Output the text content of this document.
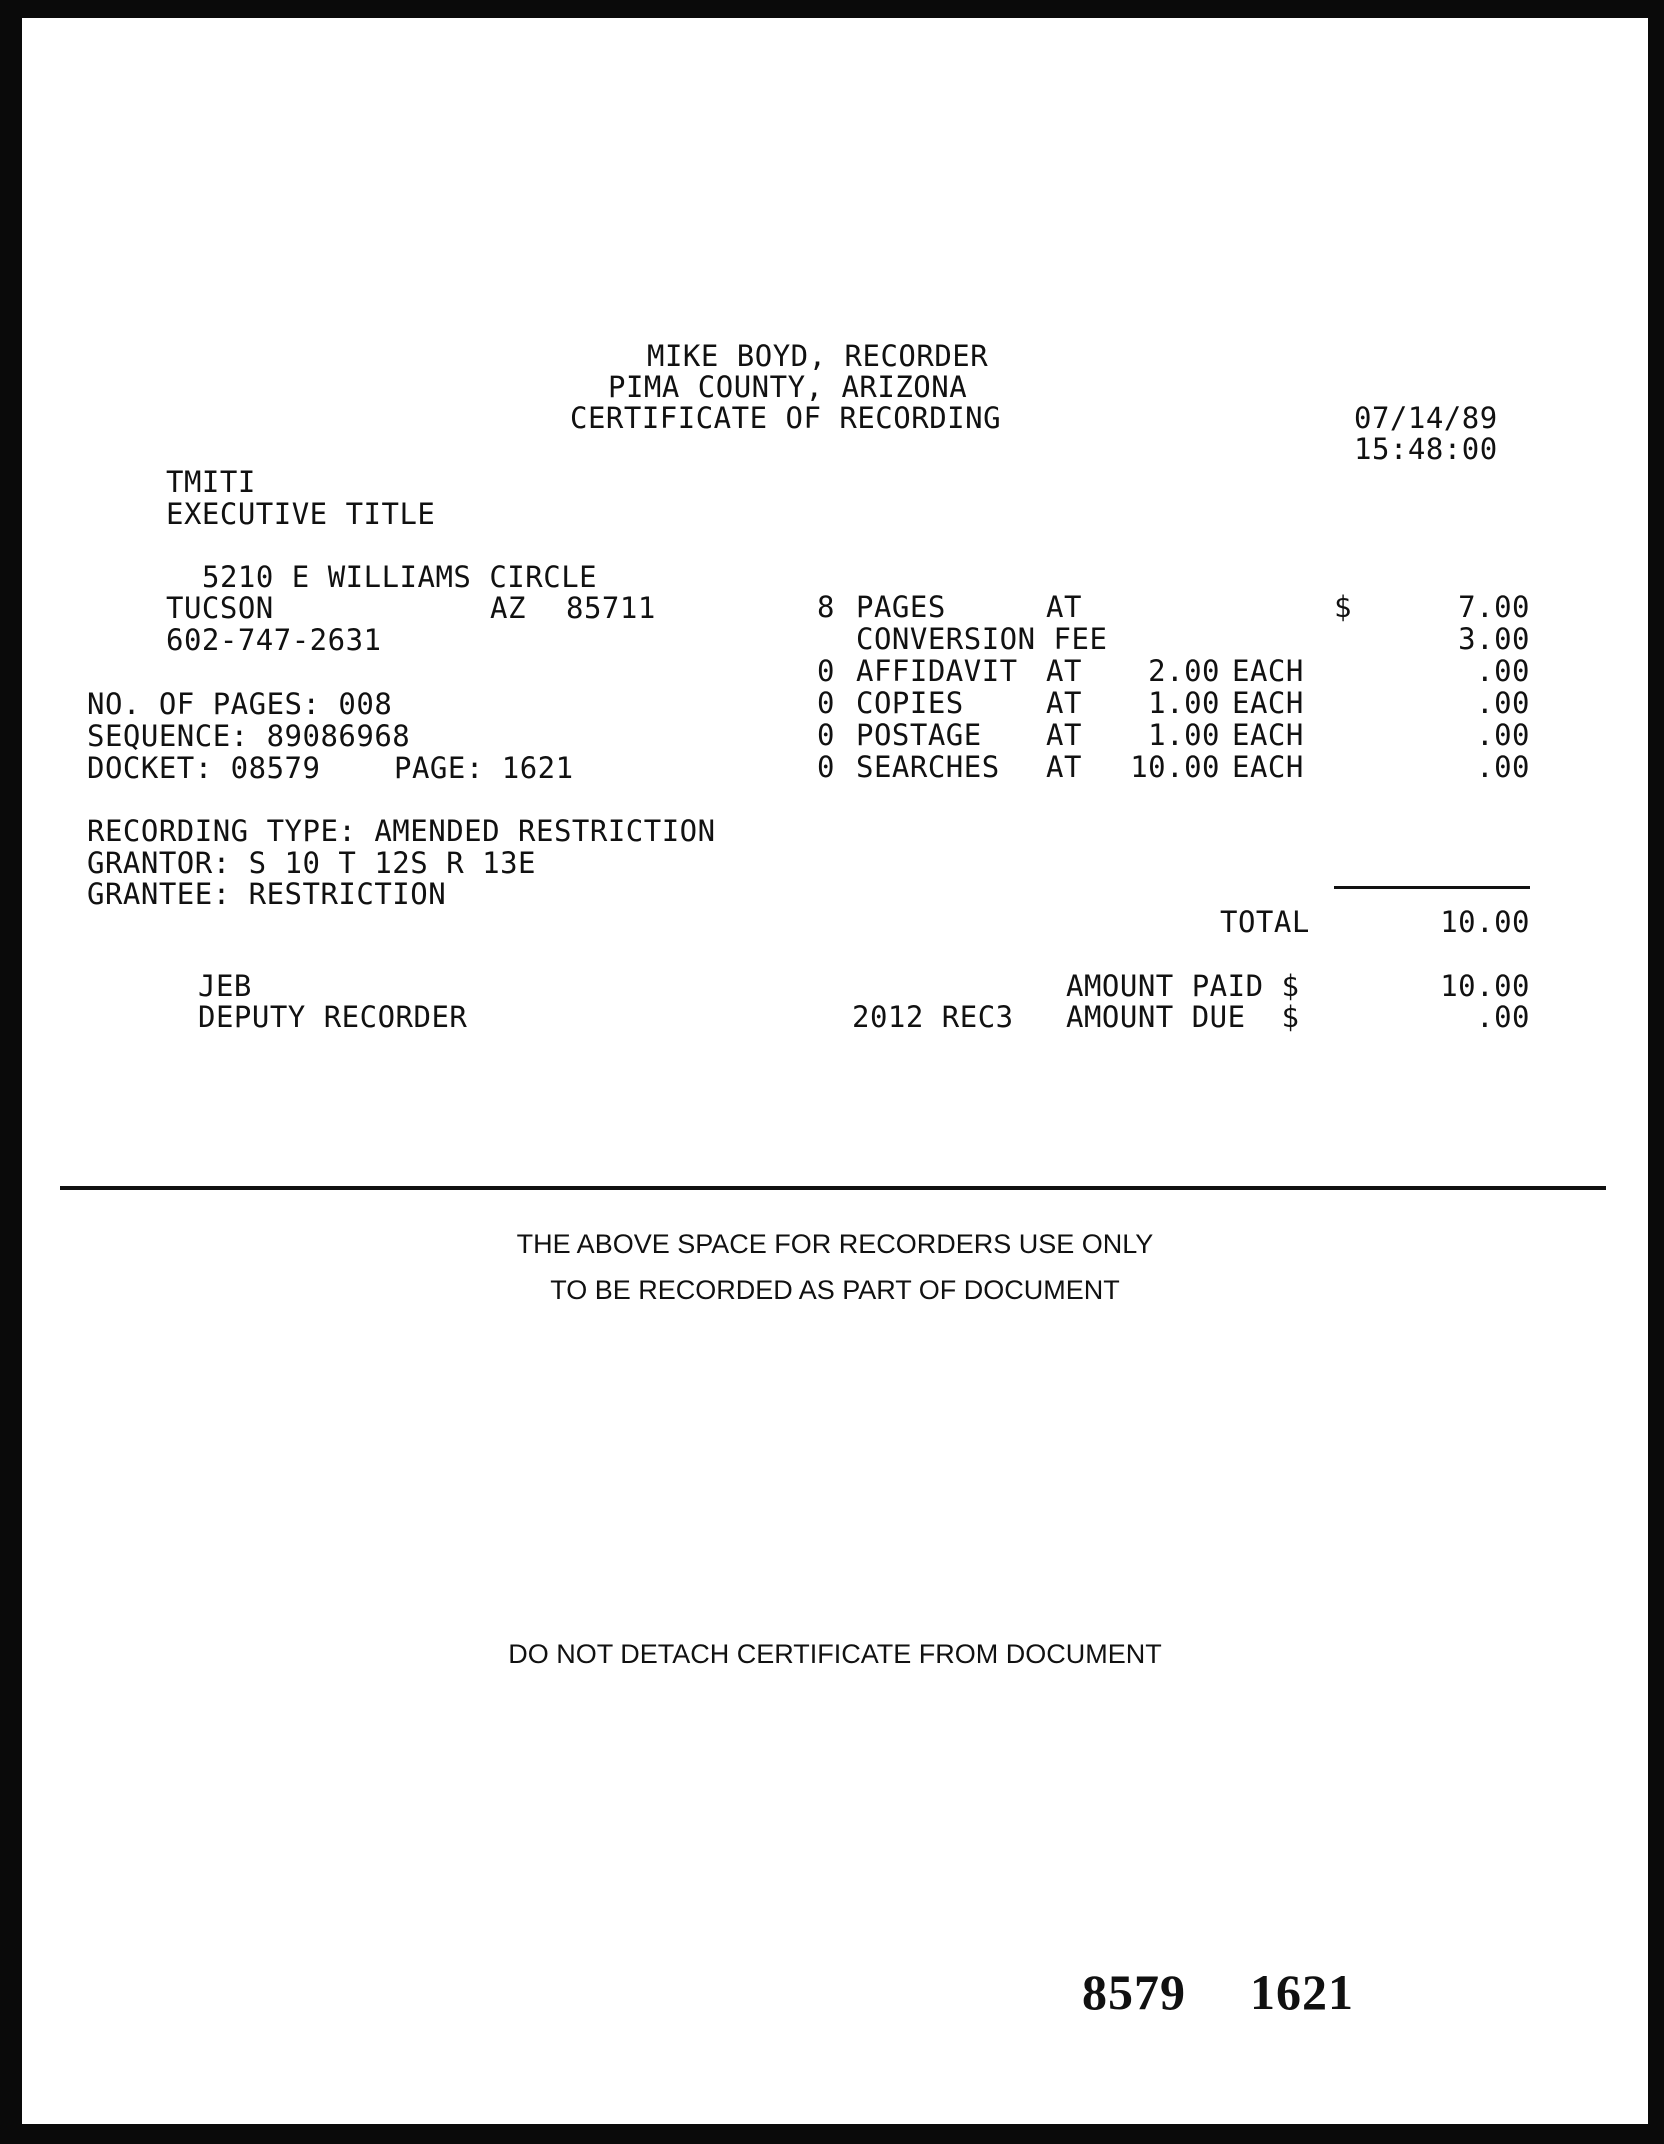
MIKE BOYD, RECORDER
PIMA COUNTY, ARIZONA
CERTIFICATE OF RECORDING	07/14/89
15:48:00
TMITI
EXECUTIVE TITLE
5210 E WILLIAMS CIRCLE
TUCSON	AZ 85711
602-747-2631
NO. OF PAGES: 008
SEQUENCE: 89086968
DOCKET: 08579	PAGE: 1621
RECORDING TYPE: AMENDED RESTRICTION
GRANTOR: S 10 T 12S R 13E
GRANTEE: RESTRICTION
8 PAGES	AT	$	7.00
CONVERSION FEE	3.00
0 AFFIDAVIT AT	2.00 EACH	.00
0 COPIES	AT	1.00 EACH	.00
0 POSTAGE AT	1.00 EACH	.00
0 SEARCHES AT	10.00 EACH	.00
TOTAL	10.00
JEB
DEPUTY RECORDER
AMOUNT PAID $	10.00
2012 REC3 AMOUNT DUE  $	.00
THE ABOVE SPACE FOR RECORDERS USE ONLY
TO BE RECORDED AS PART OF DOCUMENT
DO NOT DETACH CERTIFICATE FROM DOCUMENT
8579 1621
